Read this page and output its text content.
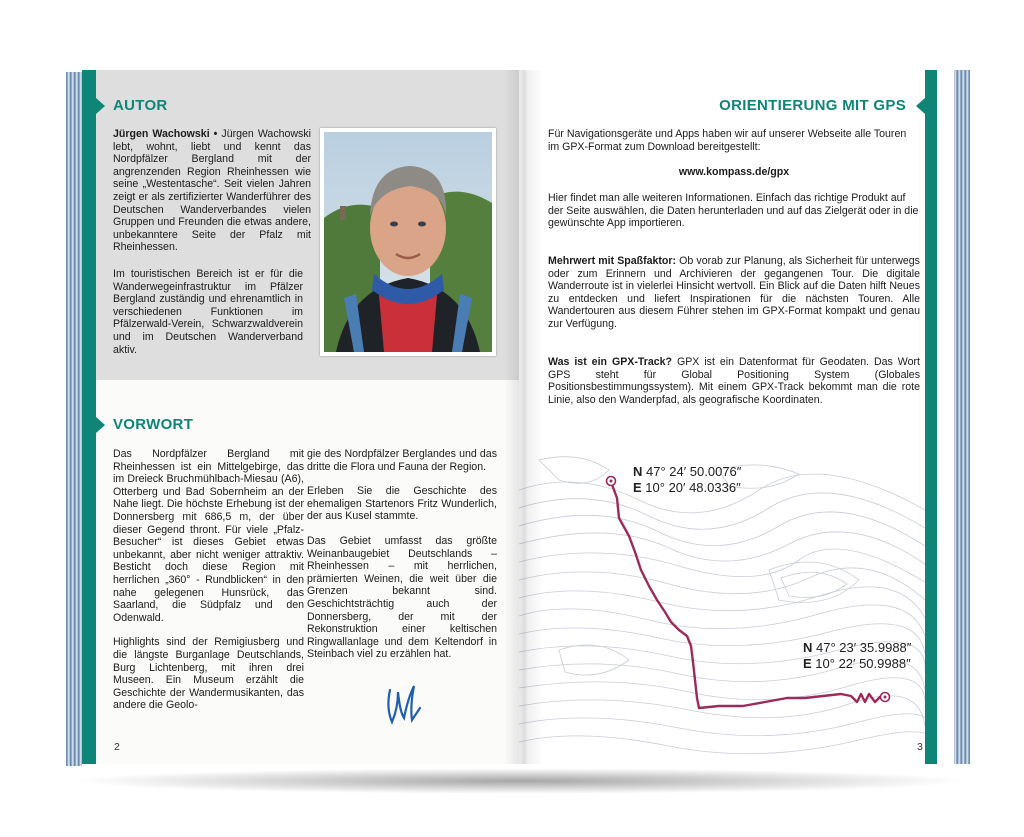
AUTOR
Jürgen Wachowski • Jürgen Wachowski lebt, wohnt, liebt und kennt das Nordpfälzer Bergland mit der angrenzenden Region Rheinhessen wie seine „Westentasche“. Seit vielen Jahren zeigt er als zertifizierter Wanderführer des Deutschen Wanderverbandes vielen Gruppen und Freunden die etwas andere, unbekanntere Seite der Pfalz mit Rheinhessen.
Im touristischen Bereich ist er für die Wanderwegeinfrastruktur im Pfälzer Bergland zuständig und ehrenamtlich in verschiedenen Funktionen im Pfälzerwald-Verein, Schwarzwaldverein und im Deutschen Wanderverband aktiv.
VORWORT
Das Nordpfälzer Bergland mit Rheinhessen ist ein Mittelgebirge, das im Dreieck Bruchmühlbach-Miesau (A6), Otterberg und Bad Sobernheim an der Nahe liegt. Die höchste Erhebung ist der Donnersberg mit 686,5 m, der über dieser Gegend thront. Für viele „Pfalz-Besucher“ ist dieses Gebiet etwas unbekannt, aber nicht weniger attraktiv. Besticht doch diese Region mit herrlichen „360° - Rundblicken“ in den nahe gelegenen Hunsrück, das Saarland, die Südpfalz und den Odenwald.
Highlights sind der Remigiusberg und die längste Burganlage Deutschlands, Burg Lichtenberg, mit ihren drei Museen. Ein Museum erzählt die Geschichte der Wandermusikanten, das andere die Geolo-
gie des Nordpfälzer Berglandes und das dritte die Flora und Fauna der Region.
Erleben Sie die Geschichte des ehemaligen Startenors Fritz Wunderlich, der aus Kusel stammte.
Das Gebiet umfasst das größte Weinanbaugebiet Deutschlands – Rheinhessen – mit herrlichen, prämierten Weinen, die weit über die Grenzen bekannt sind. Geschichtsträchtig auch der Donnersberg, der mit der Rekonstruktion einer keltischen Ringwallanlage und dem Keltendorf in Steinbach viel zu erzählen hat.
2
ORIENTIERUNG MIT GPS
Für Navigationsgeräte und Apps haben wir auf unserer Webseite alle Touren im GPX-Format zum Download bereitgestellt:
www.kompass.de/gpx
Hier findet man alle weiteren Informationen. Einfach das richtige Produkt auf der Seite auswählen, die Daten herunterladen und auf das Zielgerät oder in die gewünschte App importieren.
Mehrwert mit Spaßfaktor: Ob vorab zur Planung, als Sicherheit für unterwegs oder zum Erinnern und Archivieren der gegangenen Tour. Die digitale Wanderroute ist in vielerlei Hinsicht wertvoll. Ein Blick auf die Daten hilft Neues zu entdecken und liefert Inspirationen für die nächsten Touren. Alle Wandertouren aus diesem Führer stehen im GPX-Format kompakt und genau zur Verfügung.
Was ist ein GPX-Track? GPX ist ein Datenformat für Geodaten. Das Wort GPS steht für Global Positioning System (Globales Positionsbestimmungssystem). Mit einem GPX-Track bekommt man die rote Linie, also den Wanderpfad, als geografische Koordinaten.
N 47° 24′ 50.0076″
E 10° 20′ 48.0336″
N 47° 23′ 35.9988″
E 10° 22′ 50.9988″
3
